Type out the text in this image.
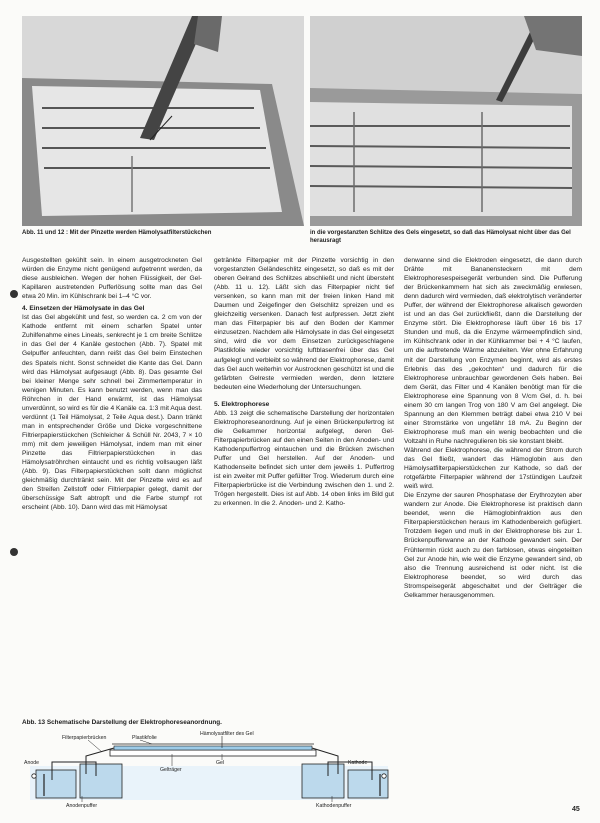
Abb. 11 und 12 : Mit der Pinzette werden Hämolysatfilterstückchen	in die vorgestanzten Schlitze des Gels eingesetzt, so daß das Hämolysat nicht über das Gel herausragt

Ausgestellten gekühlt sein. In einem ausgetrockneten Gel würden die Enzyme nicht genügend aufgetrennt werden, da diese ausbleichen. Wegen der hohen Flüssigkeit, der Gel-Kapillaren austretenden Pufferlösung sollte man das Gel etwa 20 Min. im Kühlschrank bei 1–4 °C vor.

4. Einsetzen der Hämolysate in das Gel

Ist das Gel abgekühlt und fest, so werden ca. 2 cm von der Kathode entfernt mit einem scharfen Spatel unter Zuhilfenahme eines Lineals, senkrecht je 1 cm breite Schlitze in das Gel der 4 Kanäle gestochen (Abb. 7). Spatel mit Gelpuffer anfeuchten, dann reißt das Gel beim Einstechen des Spatels nicht. Sonst schneidet die Kante das Gel. Dann wird das Hämolysat aufgesaugt (Abb. 8). Das gesamte Gel bei kleiner Menge sehr schnell bei Zimmertemperatur in wenigen Minuten. Es kann benutzt werden, wenn man das Röhrchen in der Hand erwärmt, ist das Hämolysat unverdünnt, so wird es für die 4 Kanäle ca. 1:3 mit Aqua dest. verdünnt (1 Teil Hämolysat, 2 Teile Aqua dest.). Dann tränkt man in entsprechender Größe und Dicke vorgeschnittene Filtrierpapierstückchen (Schleicher & Schüll Nr. 2043, 7 × 10 mm) mit dem jeweiligen Hämolysat, indem man mit einer Pinzette das Filtrierpapierstückchen in das Hämolysatröhrchen eintaucht und es richtig vollsaugen läßt (Abb. 9). Das Filterpapierstückchen sollt dann möglichst gleichmäßig durchtränkt sein. Mit der Pinzette wird es auf den Streifen Zellstoff oder Filtrierpapier gelegt, damit der überschüssige Saft abtropft und die Farbe stumpf rot erscheint (Abb. 10). Dann wird das mit Hämolysat

getränkte Filterpapier mit der Pinzette vorsichtig in den vorgestanzten Geländeschlitz eingesetzt, so daß es mit der oberen Gelrand des Schlitzes abschließt und nicht übersteht (Abb. 11 u. 12). Läßt sich das Filterpapier nicht tief versenken, so kann man mit der freien linken Hand mit Daumen und Zeigefinger den Gelschlitz spreizen und es gleichzeitig versenken. Danach fest aufpressen. Jetzt zieht man das Filterpapier bis auf den Boden der Kammer einzusetzen. Nachdem alle Hämolysate in das Gel eingesetzt sind, wird die vor dem Einsetzen zurückgeschlagene Plastikfolie wieder vorsichtig luftblasenfrei über das Gel aufgelegt und verbleibt so während der Elektrophorese, damit das Gel auch weiterhin vor Austrocknen geschützt ist und die gefärbten Gelreste vermieden werden, denn letztere bedeuten eine Wiederholung der Untersuchungen.

5. Elektrophorese

Abb. 13 zeigt die schematische Darstellung der horizontalen Elektrophoreseanordnung. Auf je einen Brückenpufertrog ist die Gelkammer horizontal aufgelegt, deren Gel-Filterpapierbrücken auf den einen Seiten in den Anoden- und Kathodenpuffertrog eintauchen und die Brücken zwischen Puffer und Gel herstellen. Auf der Anoden- und Kathodenseite befindet sich unter dem jeweils 1. Puffertrog ist ein zweiter mit Puffer gefüllter Trog. Wiederum durch eine Filterpapierbrücke ist die Verbindung zwischen den 1. und 2. Trögen hergestellt. Dies ist auf Abb. 14 oben links im Bild gut zu erkennen. In die 2. Anoden- und 2. Katho-

denwanne sind die Elektroden eingesetzt, die dann durch Drähte mit Bananensteckern mit dem Elektrophoresespeisegerät verbunden sind. Die Pufferung der Brückenkammern hat sich als zweckmäßig erwiesen, denn dadurch wird vermieden, daß elektrolytisch veränderter Puffer, der während der Elektrophorese alkalisch geworden ist und an das Gel zurückfließt, dann die Darstellung der Enzyme stört. Die Elektrophorese läuft über 16 bis 17 Stunden und muß, da die Enzyme wärmeempfindlich sind, im Kühlschrank oder in der Kühlkammer bei + 4 °C laufen, um die auftretende Wärme abzuleiten. Wer ohne Erfahrung mit der Darstellung von Enzymen beginnt, wird als erstes Erlebnis das des „gekochten“ und dadurch für die Elektrophorese unbrauchbar gewordenen Gels haben. Bei dem Gerät, das Filter und 4 Kanälen benötigt man für die Elektrophorese eine Spannung von 8 V/cm Gel, d. h. bei einem 30 cm langen Trog von 180 V am Gel angelegt. Die Spannung an den Klemmen beträgt dabei etwa 210 V bei einer Stromstärke von ungefähr 18 mA. Zu Beginn der Elektrophorese muß man ein wenig beobachten und die Voltzahl in Ruhe nachregulieren bis sie konstant bleibt.

Während der Elektrophorese, die während der Strom durch das Gel fließt, wandert das Hämoglobin aus den Hämolysatfilterpapierstückchen zur Kathode, so daß der rotgefärbte Filterpapier während der 17stündigen Laufzeit weiß wird.

Die Enzyme der sauren Phosphatase der Erythrozyten aber wandern zur Anode. Die Elektrophorese ist praktisch dann beendet, wenn die Hämoglobinfraktion aus den Filterpapierstückchen heraus im Kathodenbereich gefügiert. Trotzdem liegen und muß in der Elektrophorese bis zur 1. Brückenpufferwanne an der Kathode gewandert sein. Der Frühtermin rückt auch zu den farblosen, etwas eingeteilten Gel zur Anode hin, wie weit die Enzyme gewandert sind, ob also die Trennung ausreichend ist oder nicht. Ist die Elektrophorese beendet, so wird durch das Stromspeisegerät abgeschaltet und der Gelträger die Gelkammer herausgenommen.

Abb. 13 Schematische Darstellung der Elektrophoreseanordnung.
Hämolysatfilter des Gel
Filterpapierbrücken	Plastikfolie
Anode	Gel
Gelträger
Kathode
Anodenpuffer	Kathodenpuffer	45
